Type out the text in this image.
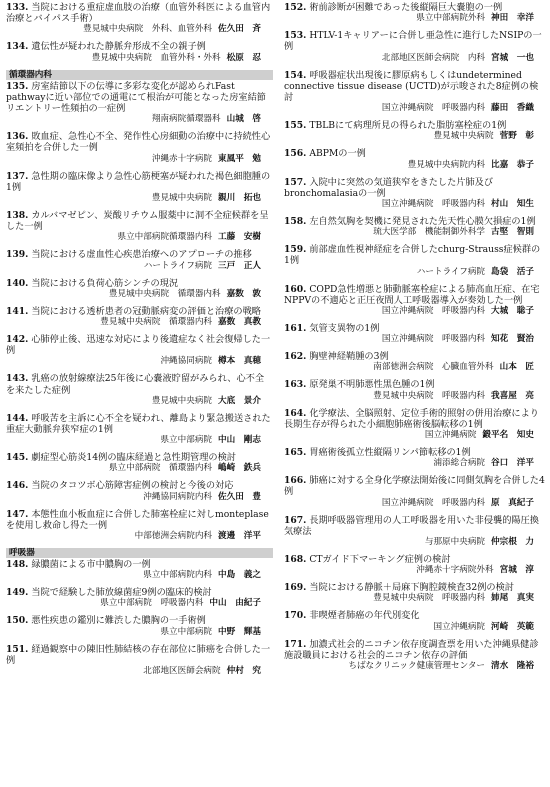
133. 当院における重症虚血肢の治療（血管外科医による血管内治療とバイパス手術）
豊見城中央病院　外科、血管外科 佐久田　斉
134. 遺伝性が疑われた静脈弁形成不全の親子例
豊見城中央病院　血管外科・外科 松原　忍
循環器内科
135. 房室結節以下の伝導に多彩な変化が認められFast pathwayに近い部位での通電にて根治が可能となった房室結節リエントリー性頻拍の一症例
翔南病院循環器科 山城　啓
136. 敗血症、急性心不全、発作性心房細動の治療中に持続性心室頻拍を合併した一例
沖縄赤十字病院 東風平　勉
137. 急性期の臨床像より急性心筋梗塞が疑われた褐色細胞腫の1例
豊見城中央病院 親川　拓也
138. カルバマゼピン、炭酸リチウム服薬中に洞不全症候群を呈した一例
県立中部病院循環器内科 工藤　安樹
139. 当院における虚血性心疾患治療へのアプローチの推移
ハートライフ病院 三戸　正人
140. 当院における負荷心筋シンチの現況
豊見城中央病院　循環器内科 嘉数　敦
141. 当院における透析患者の冠動脈病変の評価と治療の戦略
豊見城中央病院　循環器内科 嘉数　真教
142. 心肺停止後、迅速な対応により後遺症なく社会復帰した一例
沖縄協同病院 樽本　真穂
143. 乳癌の放射線療法25年後に心嚢液貯留がみられ、心不全を来たした症例
豊見城中央病院 大底　景介
144. 呼吸苦を主訴に心不全を疑われ、離島より緊急搬送された重症大動脈弁狭窄症の1例
県立中部病院 中山　剛志
145. 劇症型心筋炎14例の臨床経過と急性期管理の検討
県立中部病院　循環器内科 嶋崎　鉄兵
146. 当院のタコツボ心筋障害症例の検討と今後の対応
沖縄協同病院内科 佐久田　豊
147. 本態性血小板血症に合併した肺塞栓症に対しmonteplaseを使用し救命し得た一例
中部徳洲会病院内科 渡邊　洋平
呼吸器
148. 緑膿菌による市中膿胸の一例
県立中部病院内科 中島　義之
149. 当院で経験した肺放線菌症9例の臨床的検討
県立中部病院　呼吸器内科 中山　由紀子
150. 悪性疾患の鑑別に難渋した膿胸の一手術例
県立中部病院 中野　輝基
151. 経過観察中の陳旧性肺結核の存在部位に肺癌を合併した一例
北部地区医師会病院 仲村　究
152. 術前診断が困難であった後縦隔巨大嚢胞の一例
県立中部病院外科 神田　幸洋
153. HTLV-1キャリアーに合併し亜急性に進行したNSIPの一例
北部地区医師会病院　内科 宮城　一也
154. 呼吸器症状出現後に膠原病もしくはundetermined connective tissue disease (UCTD)が示唆された8症例の検討
国立沖縄病院　呼吸器内科 藤田　香織
155. TBLBにて病理所見の得られた脂肪塞栓症の1例
豊見城中央病院 菅野　彰
156. ABPMの一例
豊見城中央病院内科 比嘉　恭子
157. 入院中に突然の気道狭窄をきたした片肺及びbronchomalasiaの一例
国立沖縄病院　呼吸器内科 村山　知生
158. 左自然気胸を契機に発見された先天性心膜欠損症の1例
琉大医学部　機能制御外科学 古堅　智則
159. 前部虚血性視神経症を合併したchurg-Strauss症候群の1例
ハートライフ病院 島袋　活子
160. COPD急性増悪と肺動脈塞栓症による肺高血圧症、在宅NPPVの不適応と正圧夜間人工呼吸器導入が奏効した一例
国立沖縄病院　呼吸器内科 大城　聡子
161. 気管支異物の1例
国立沖縄病院　呼吸器内科 知花　賢治
162. 胸壁神経鞘腫の3例
南部徳洲会病院　心臓血管外科 山本　匠
163. 原発巣不明肺悪性黒色腫の1例
豊見城中央病院　呼吸器内科 我喜屋　亮
164. 化学療法、全脳照射、定位手術的照射の併用治療により長期生存が得られた小細胞肺癌術後脳転移の1例
国立沖縄病院 鍛平名　知史
165. 胃癌術後孤立性縦隔リンパ節転移の1例
浦添総合病院 谷口　洋平
166. 肺癌に対する全身化学療法開始後に同側気胸を合併した4例
国立沖縄病院　呼吸器内科 原　真紀子
167. 長期呼吸器管理用の人工呼吸器を用いた非侵襲的陽圧換気療法
与那原中央病院 仲宗根　力
168. CTガイド下マーキング症例の検討
沖縄赤十字病院外科 宮城　淳
169. 当院における静脈＋局麻下胸腔鏡検査32例の検討
豊見城中央病院　呼吸器内科 姉尾　真実
170. 非喫煙者肺癌の年代別変化
国立沖縄病院 河崎　英範
171. 加濃式社会的ニコチン依存度調査票を用いた沖縄県健診施設職員における社会的ニコチン依存の評価
ちばなクリニック健康管理センター 清水　隆裕
